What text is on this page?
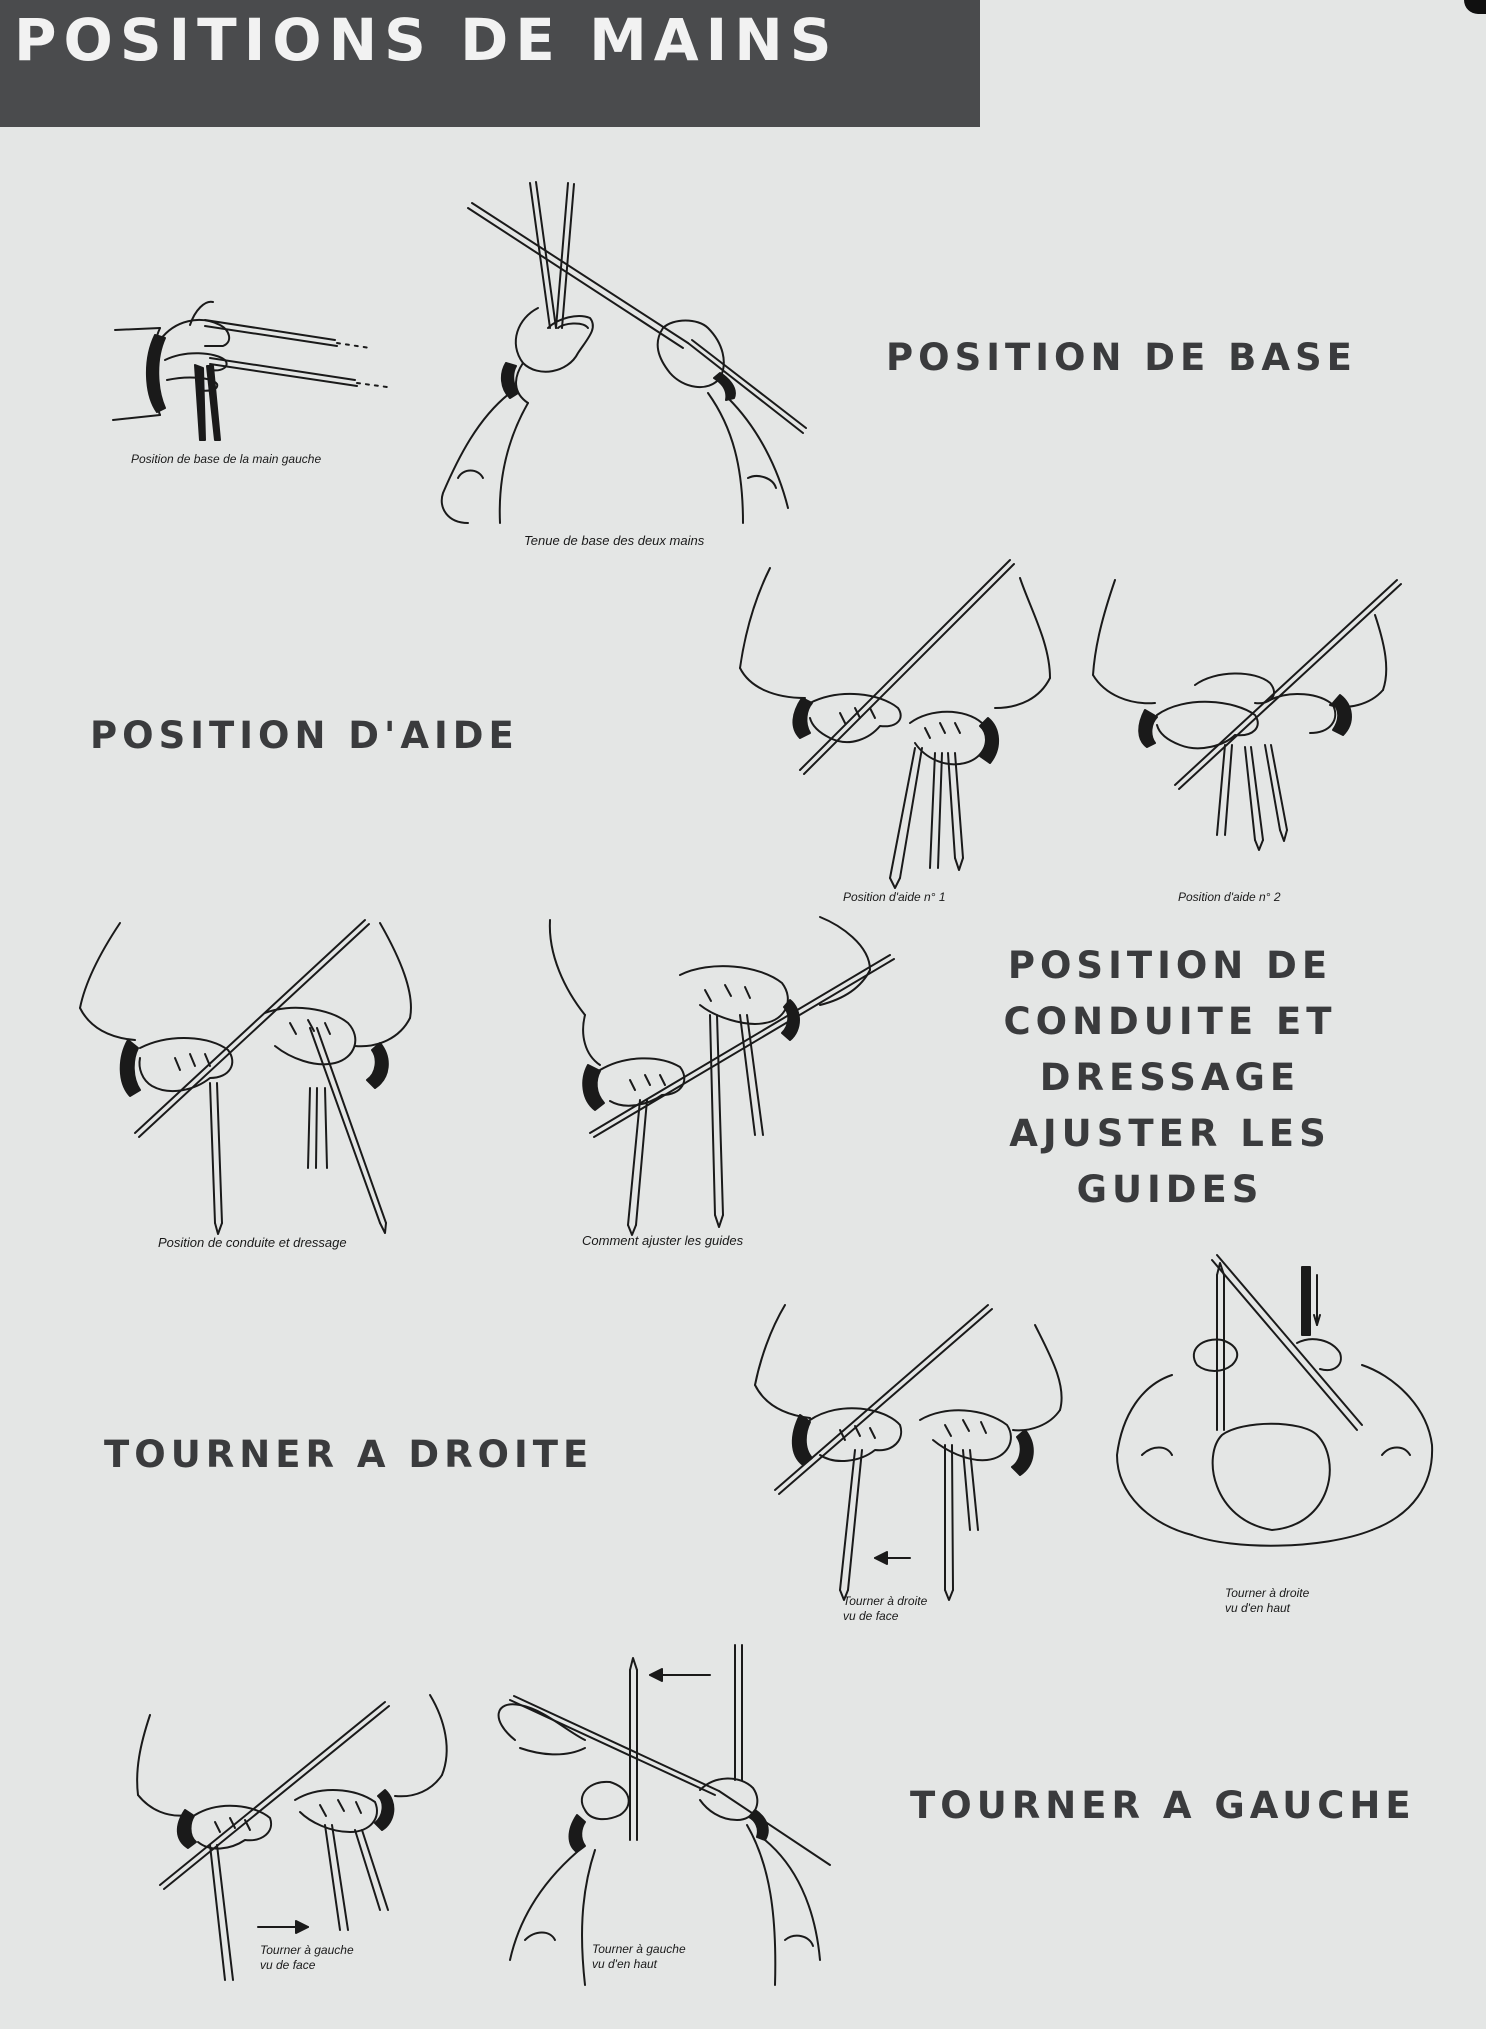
POSITIONS DE MAINS
Position de base de la main gauche
Tenue de base des deux mains
POSITION DE BASE
POSITION D'AIDE
Position d'aide n° 1	Position d'aide n° 2
Position de conduite et dressage	Comment ajuster les guides
POSITION DE
CONDUITE ET
DRESSAGE
AJUSTER LES
GUIDES
TOURNER A DROITE
Tourner à droite
vu de face
Tourner à droite
vu d'en haut
Tourner à gauche
vu de face
Tourner à gauche
vu d'en haut
TOURNER A GAUCHE
